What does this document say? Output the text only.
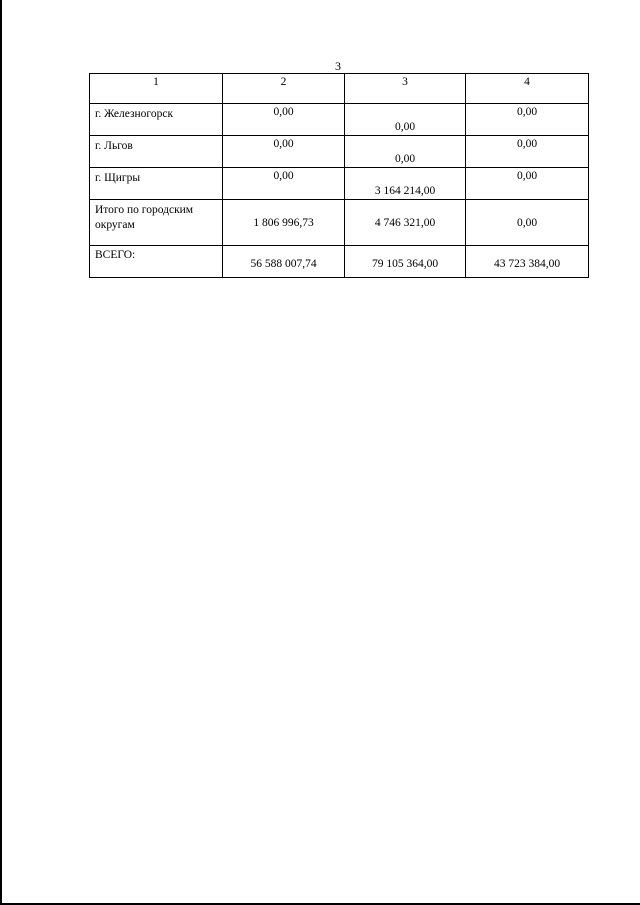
3
1	2	3	4
г. Железногорск	0,00	0,00	0,00
г. Льгов	0,00	0,00	0,00
г. Щигры	0,00	3 164 214,00	0,00
Итого по городским округам	1 806 996,73	4 746 321,00	0,00
ВСЕГО:	56 588 007,74	79 105 364,00	43 723 384,00
